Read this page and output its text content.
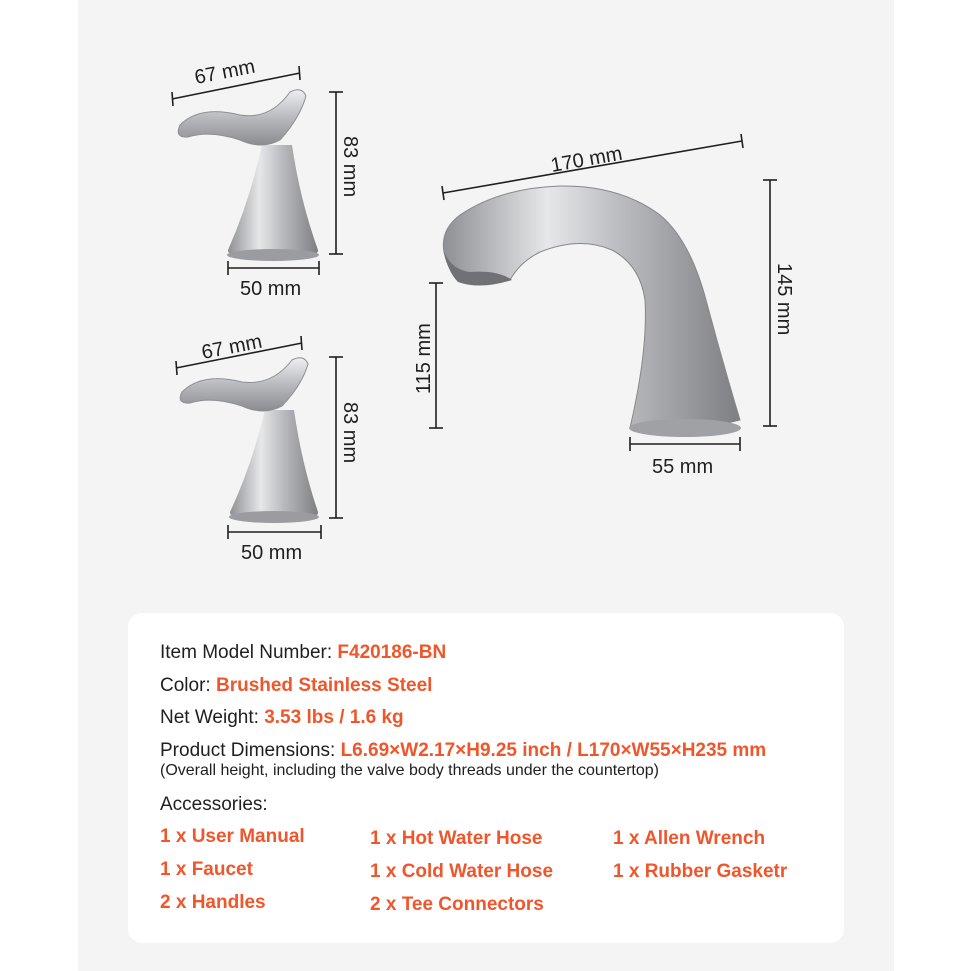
67 mm
83 mm
50 mm
67 mm
83 mm
50 mm
170 mm
145 mm
115 mm
55 mm
Item Model Number: F420186-BN
Color: Brushed Stainless Steel
Net Weight: 3.53 lbs / 1.6 kg
Product Dimensions: L6.69×W2.17×H9.25 inch / L170×W55×H235 mm
(Overall height, including the valve body threads under the countertop)
Accessories:
1 x User Manual
1 x Faucet
2 x Handles
1 x Hot Water Hose
1 x Cold Water Hose
2 x Tee Connectors
1 x Allen Wrench
1 x Rubber Gasketr
